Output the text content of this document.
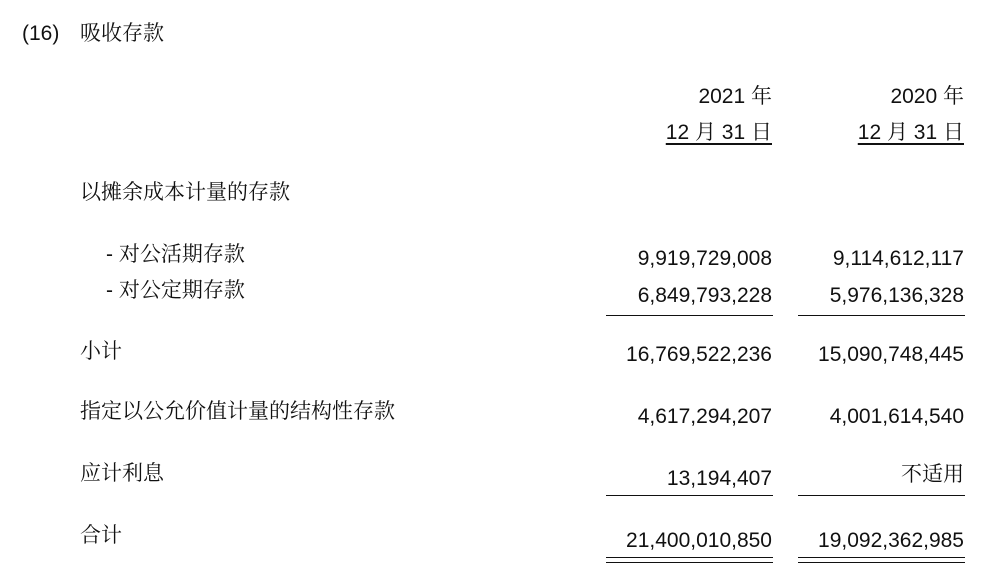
(16) 吸收存款
2021 年	2020 年
12 月 31 日	12 月 31 日
以摊余成本计量的存款
- 对公活期存款	9,919,729,008	9,114,612,117
- 对公定期存款	6,849,793,228	5,976,136,328
小计	16,769,522,236 15,090,748,445
指定以公允价值计量的结构性存款	4,617,294,207	4,001,614,540
应计利息	13,194,407	不适用
合计	21,400,010,850 19,092,362,985
